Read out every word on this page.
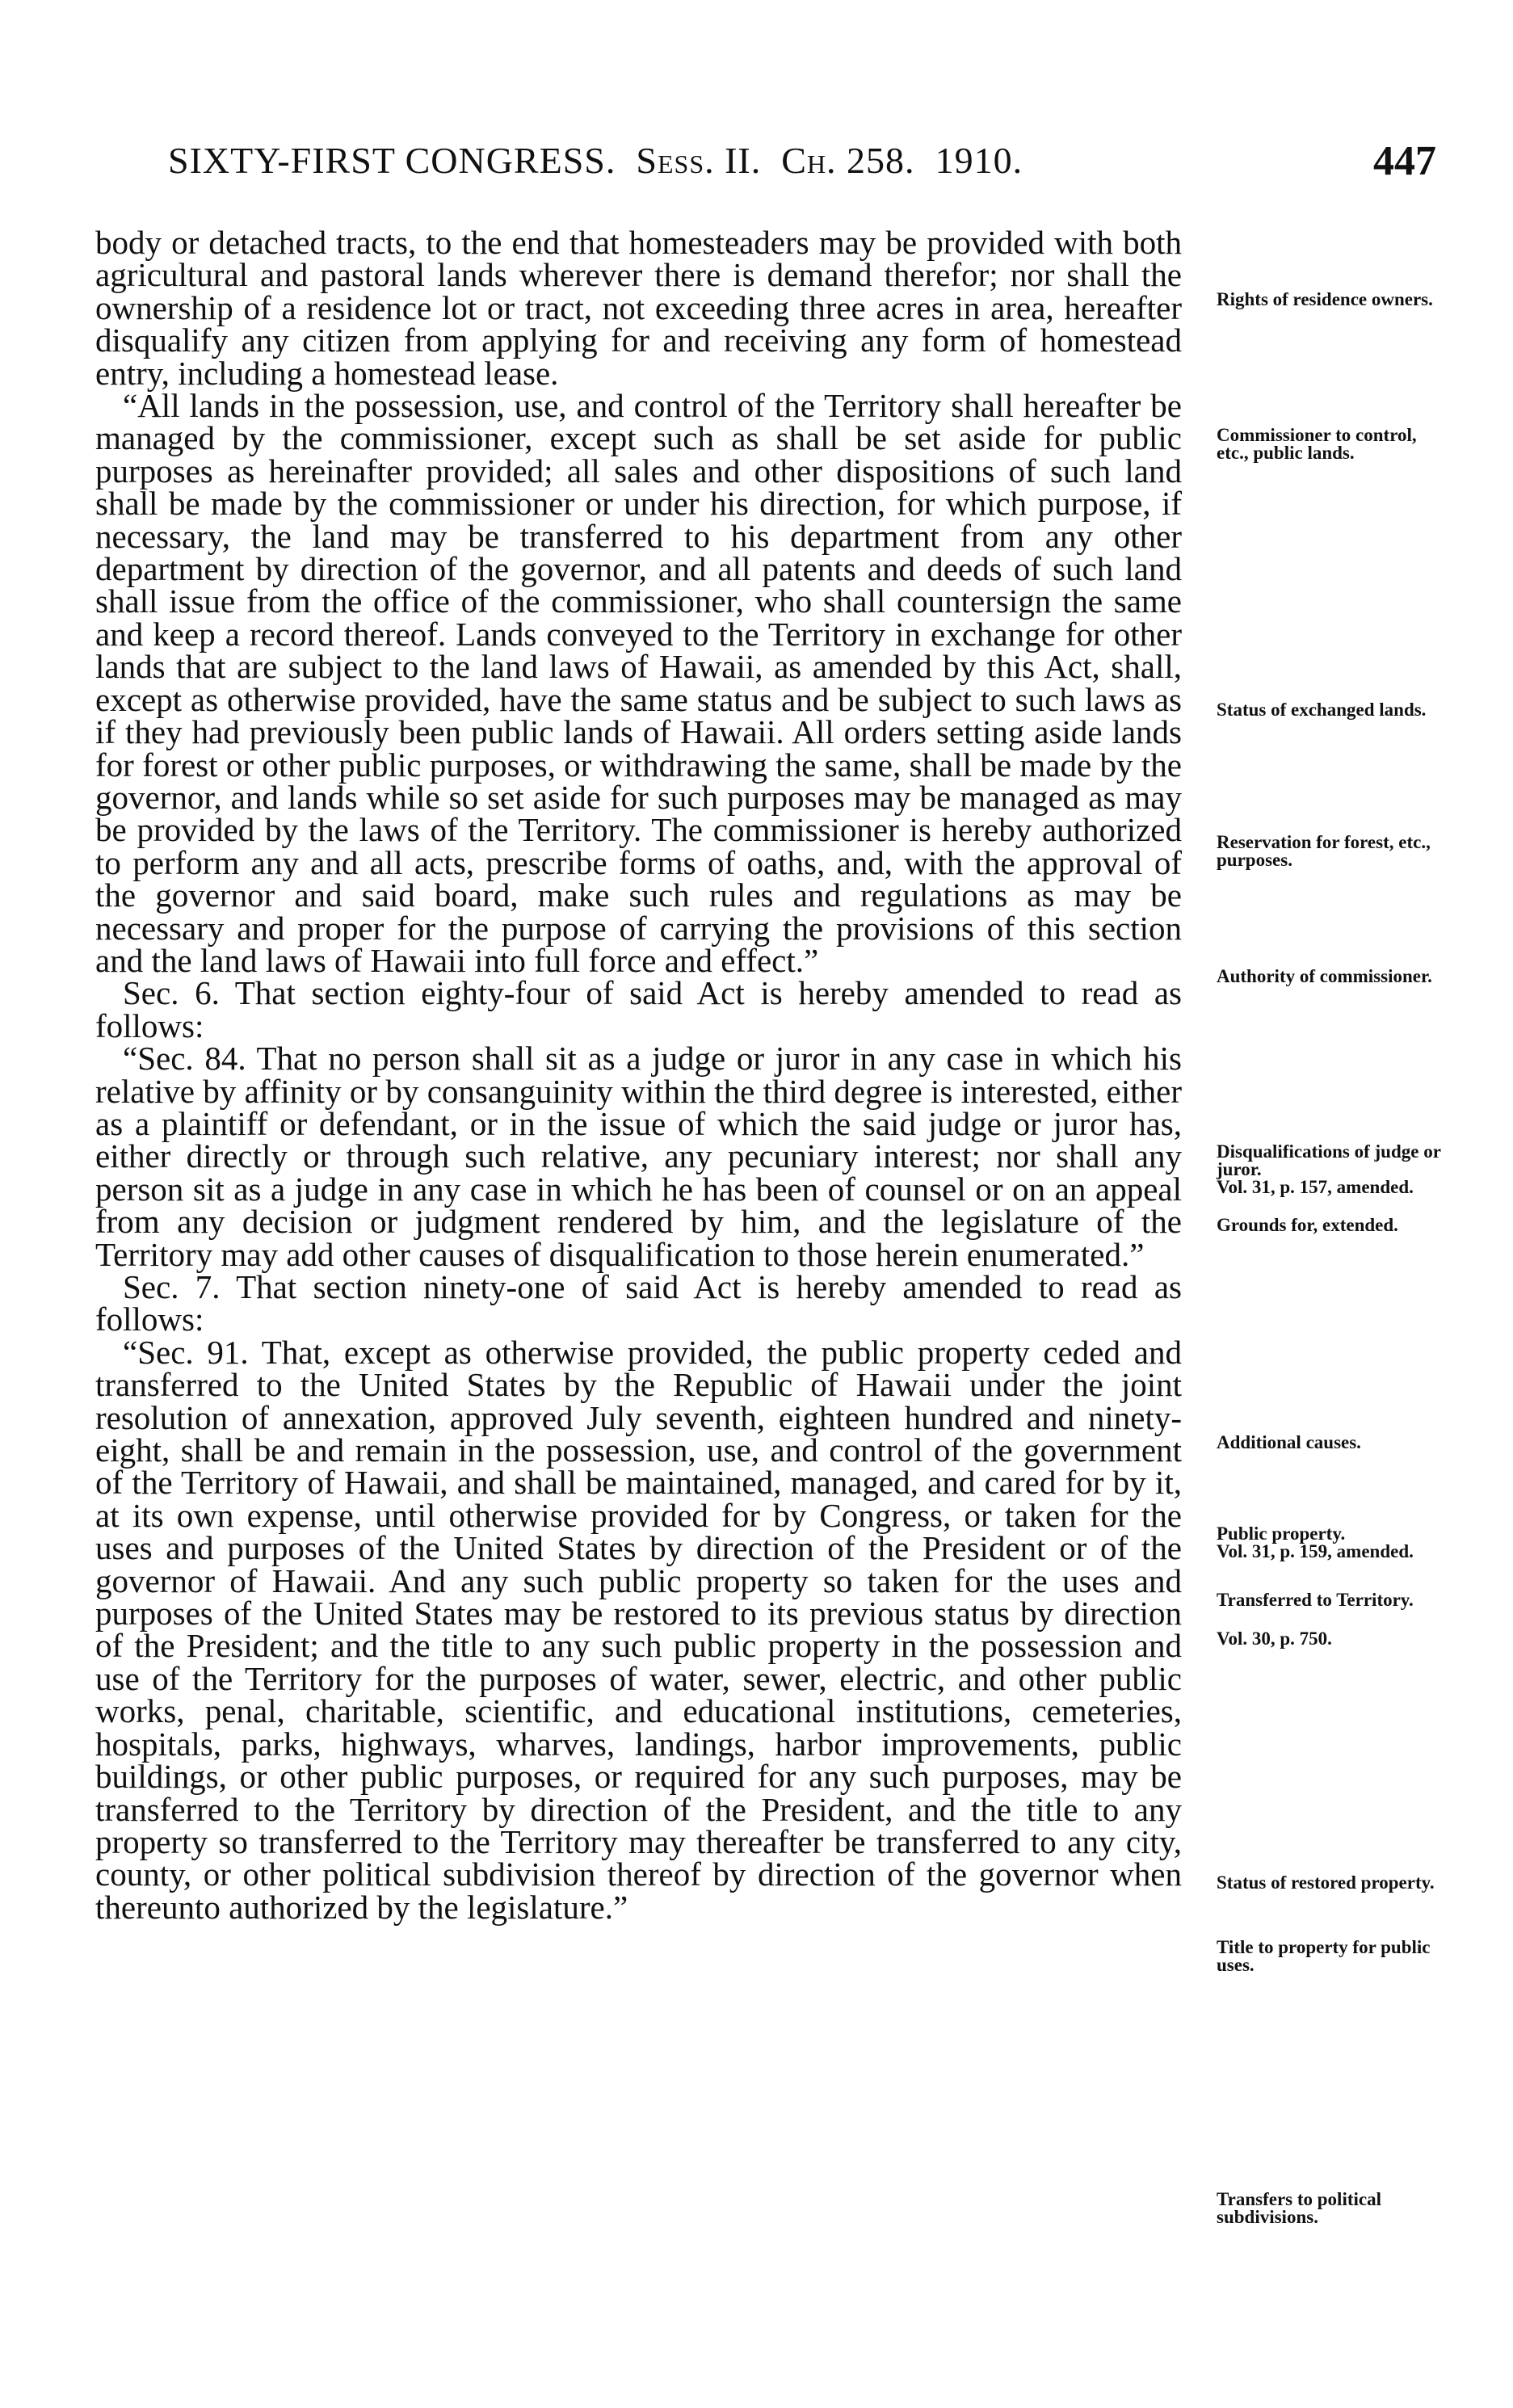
SIXTY-FIRST CONGRESS. Sess. II. Ch. 258. 1910.	447

body or detached tracts, to the end that homesteaders may be provided with both agricultural and pastoral lands wherever there is demand therefor; nor shall the ownership of a residence lot or tract, not exceeding three acres in area, hereafter disqualify any citizen from applying for and receiving any form of homestead entry, including a homestead lease.

“All lands in the possession, use, and control of the Territory shall hereafter be managed by the commissioner, except such as shall be set aside for public purposes as hereinafter provided; all sales and other dispositions of such land shall be made by the commissioner or under his direction, for which purpose, if necessary, the land may be transferred to his department from any other department by direction of the governor, and all patents and deeds of such land shall issue from the office of the commissioner, who shall countersign the same and keep a record thereof. Lands conveyed to the Territory in exchange for other lands that are subject to the land laws of Hawaii, as amended by this Act, shall, except as otherwise provided, have the same status and be subject to such laws as if they had previously been public lands of Hawaii. All orders setting aside lands for forest or other public purposes, or withdrawing the same, shall be made by the governor, and lands while so set aside for such purposes may be managed as may be provided by the laws of the Territory. The commissioner is hereby authorized to perform any and all acts, prescribe forms of oaths, and, with the approval of the governor and said board, make such rules and regulations as may be necessary and proper for the purpose of carrying the provisions of this section and the land laws of Hawaii into full force and effect.”

Sec. 6. That section eighty-four of said Act is hereby amended to read as follows:

“Sec. 84. That no person shall sit as a judge or juror in any case in which his relative by affinity or by consanguinity within the third degree is interested, either as a plaintiff or defendant, or in the issue of which the said judge or juror has, either directly or through such relative, any pecuniary interest; nor shall any person sit as a judge in any case in which he has been of counsel or on an appeal from any decision or judgment rendered by him, and the legislature of the Territory may add other causes of disqualification to those herein enumerated.”

Sec. 7. That section ninety-one of said Act is hereby amended to read as follows:

“Sec. 91. That, except as otherwise provided, the public property ceded and transferred to the United States by the Republic of Hawaii under the joint resolution of annexation, approved July seventh, eighteen hundred and ninety-eight, shall be and remain in the possession, use, and control of the government of the Territory of Hawaii, and shall be maintained, managed, and cared for by it, at its own expense, until otherwise provided for by Congress, or taken for the uses and purposes of the United States by direction of the President or of the governor of Hawaii. And any such public property so taken for the uses and purposes of the United States may be restored to its previous status by direction of the President; and the title to any such public property in the possession and use of the Territory for the purposes of water, sewer, electric, and other public works, penal, charitable, scientific, and educational institutions, cemeteries, hospitals, parks, highways, wharves, landings, harbor improvements, public buildings, or other public purposes, or required for any such purposes, may be transferred to the Territory by direction of the President, and the title to any property so transferred to the Territory may thereafter be transferred to any city, county, or other political subdivision thereof by direction of the governor when thereunto authorized by the legislature.”

Rights of residence owners.
Commissioner to control, etc., public lands.
Status of exchanged lands.
Reservation for forest, etc., purposes.
Authority of commissioner.
Disqualifications of judge or juror.
Vol. 31, p. 157, amended.
Grounds for, extended.
Additional causes.
Public property.
Vol. 31, p. 159, amended.
Transferred to Territory.
Vol. 30, p. 750.
Status of restored property.
Title to property for public uses.
Transfers to political subdivisions.
